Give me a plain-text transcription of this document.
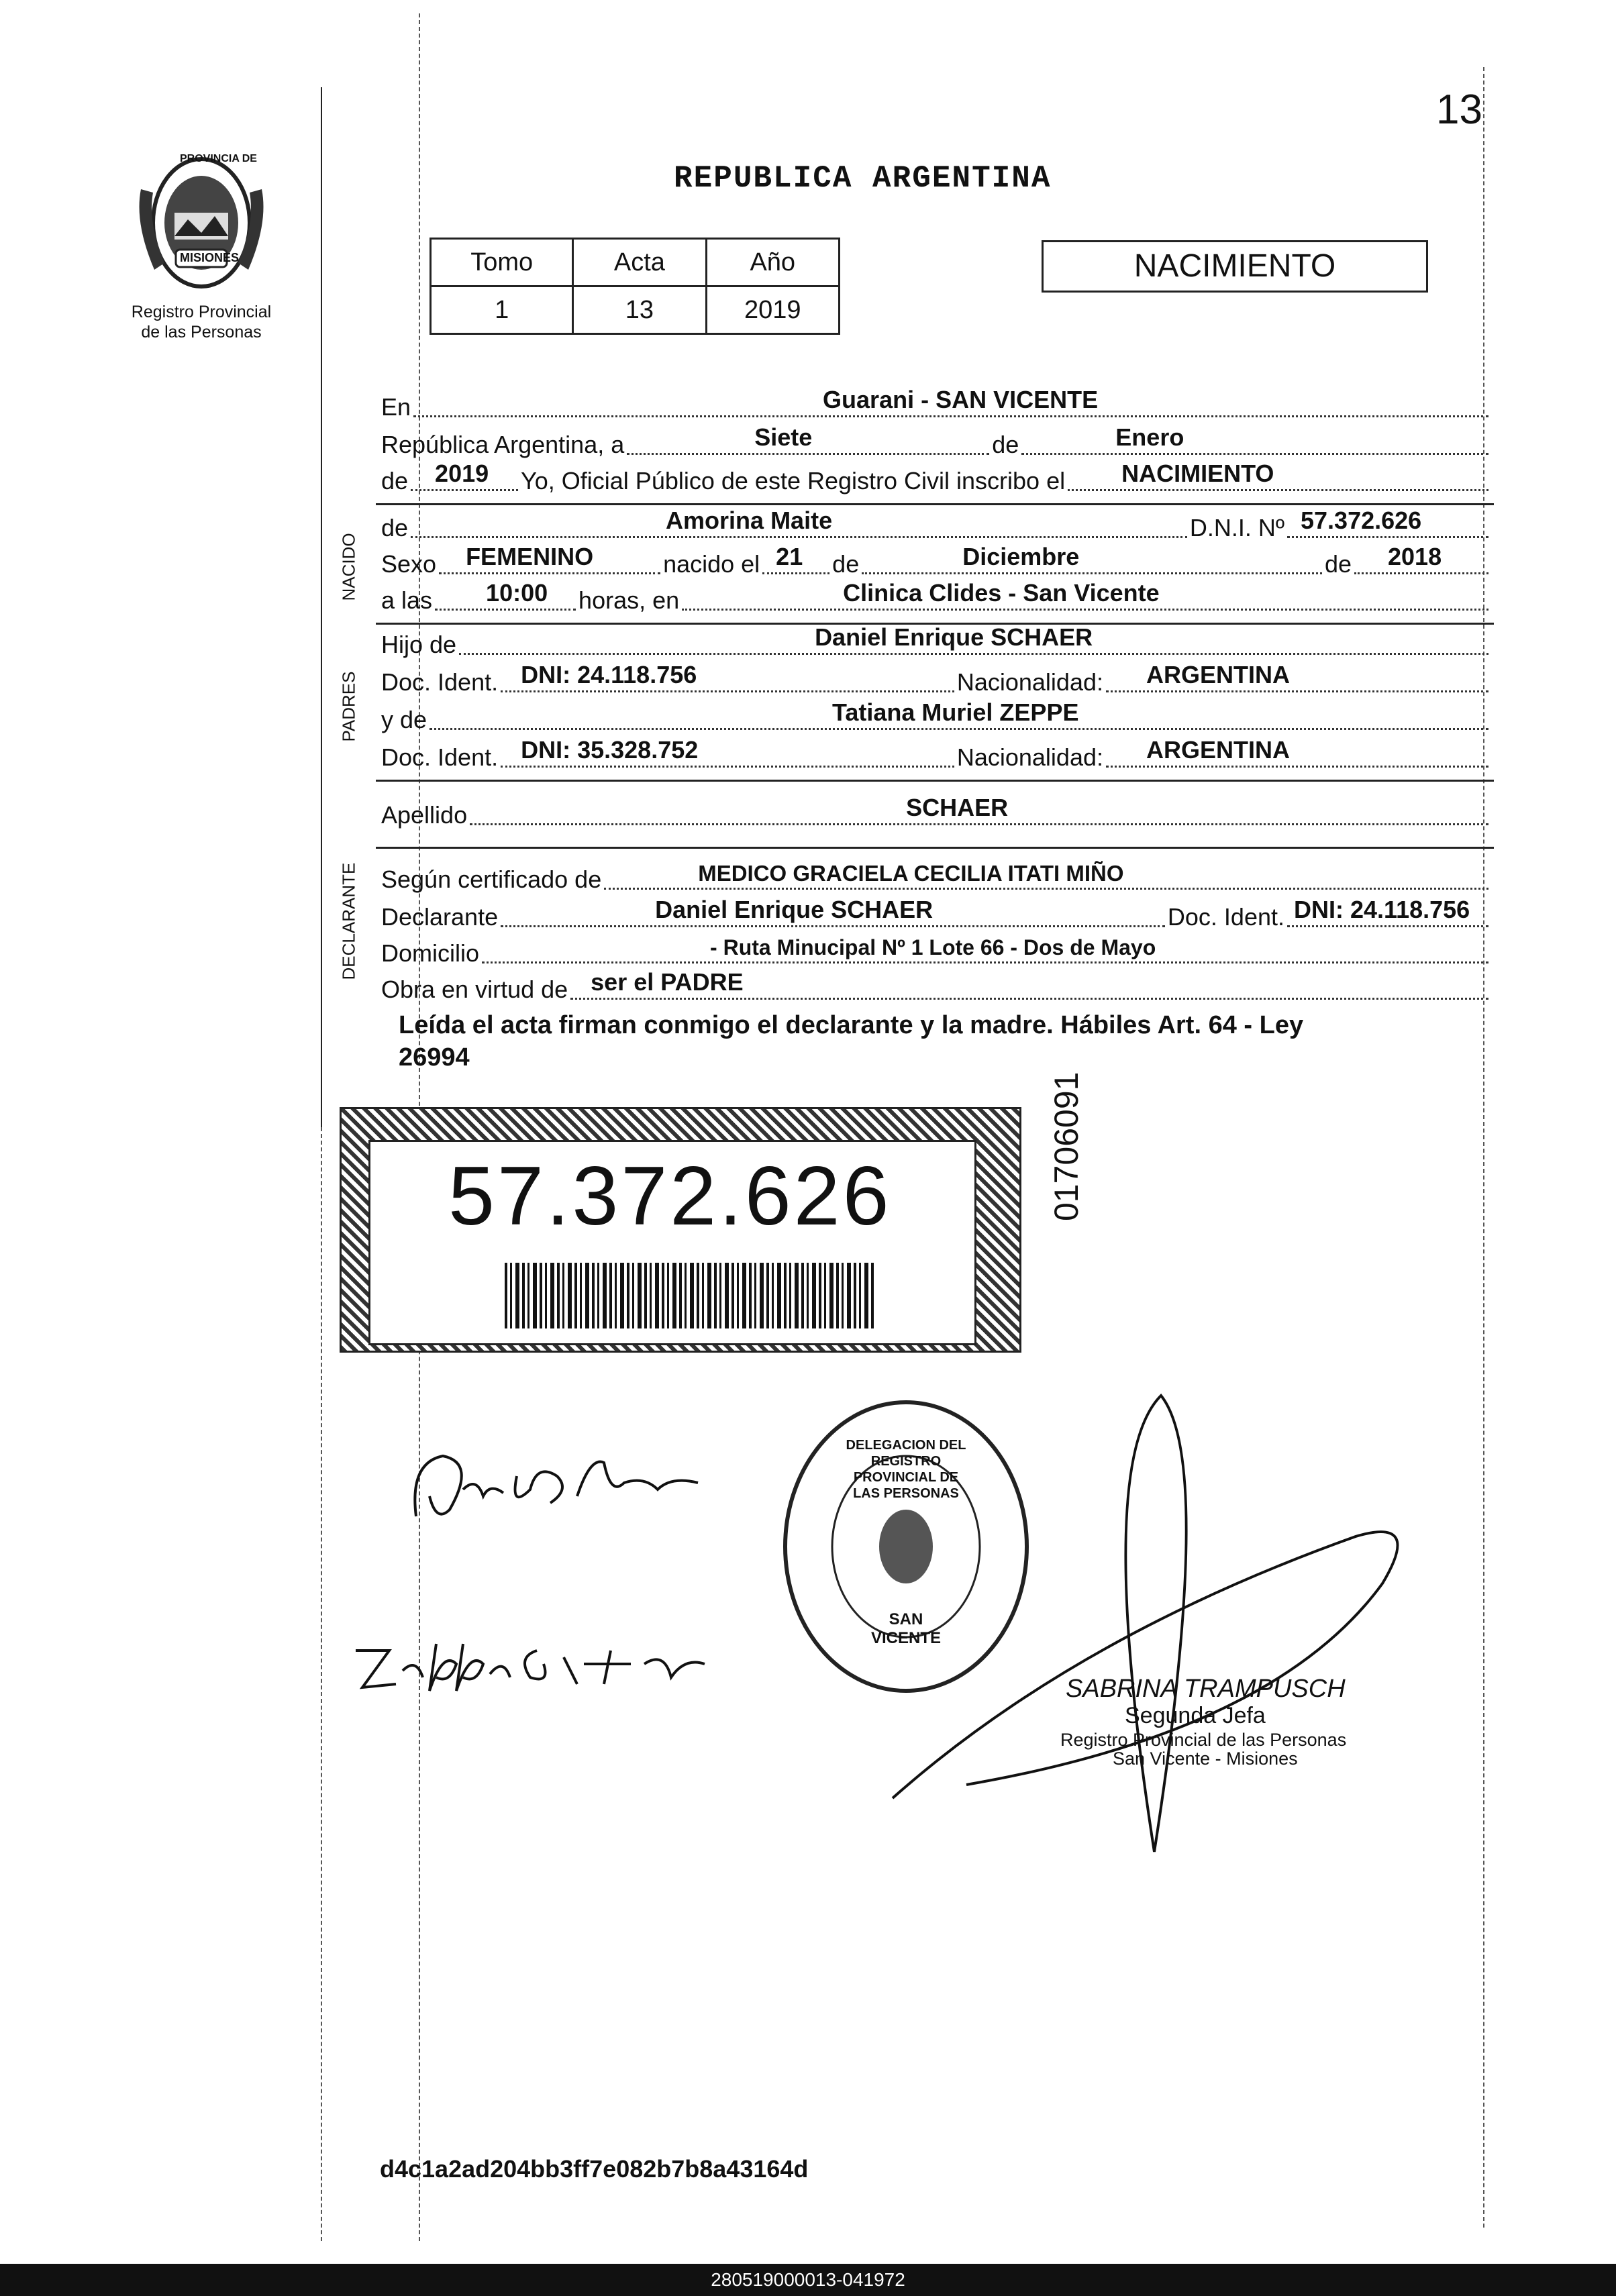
13
PROVINCIA DE
MISIONES
Registro Provincial
de las Personas
REPUBLICA ARGENTINA
Tomo	Acta	Año
1	13	2019
NACIMIENTO
NACIDO
PADRES
DECLARANTE
En	Guarani - SAN VICENTE
República Argentina, a	Siete	de	Enero
de 2019 Yo, Oficial Público de este Registro Civil inscribo el NACIMIENTO
de	Amorina Maite	D.N.I. Nº 57.372.626
Sexo FEMENINO	nacido el 21 de	Diciembre	de 2018
a las 10:00 horas, en	Clinica Clides - San Vicente
Hijo de	Daniel Enrique SCHAER
Doc. Ident. DNI: 24.118.756	Nacionalidad: ARGENTINA
y de	Tatiana Muriel ZEPPE
Doc. Ident. DNI: 35.328.752	Nacionalidad: ARGENTINA
Apellido	SCHAER
Según certificado de	MEDICO GRACIELA CECILIA ITATI MIÑO
Declarante	Daniel Enrique SCHAER	Doc. Ident. DNI: 24.118.756
Domicilio	- Ruta Minucipal Nº 1 Lote 66 - Dos de Mayo
Obra en virtud de ser el PADRE
Leída el acta firman conmigo el declarante y la madre. Hábiles Art. 64 - Ley
26994
57.372.626	01706091
DELEGACION DEL REGISTRO PROVINCIAL DE LAS PERSONAS
SAN VICENTE
SABRINA TRAMPUSCH
Segunda Jefa
Registro Provincial de las Personas
San Vicente - Misiones
d4c1a2ad204bb3ff7e082b7b8a43164d
280519000013-041972
